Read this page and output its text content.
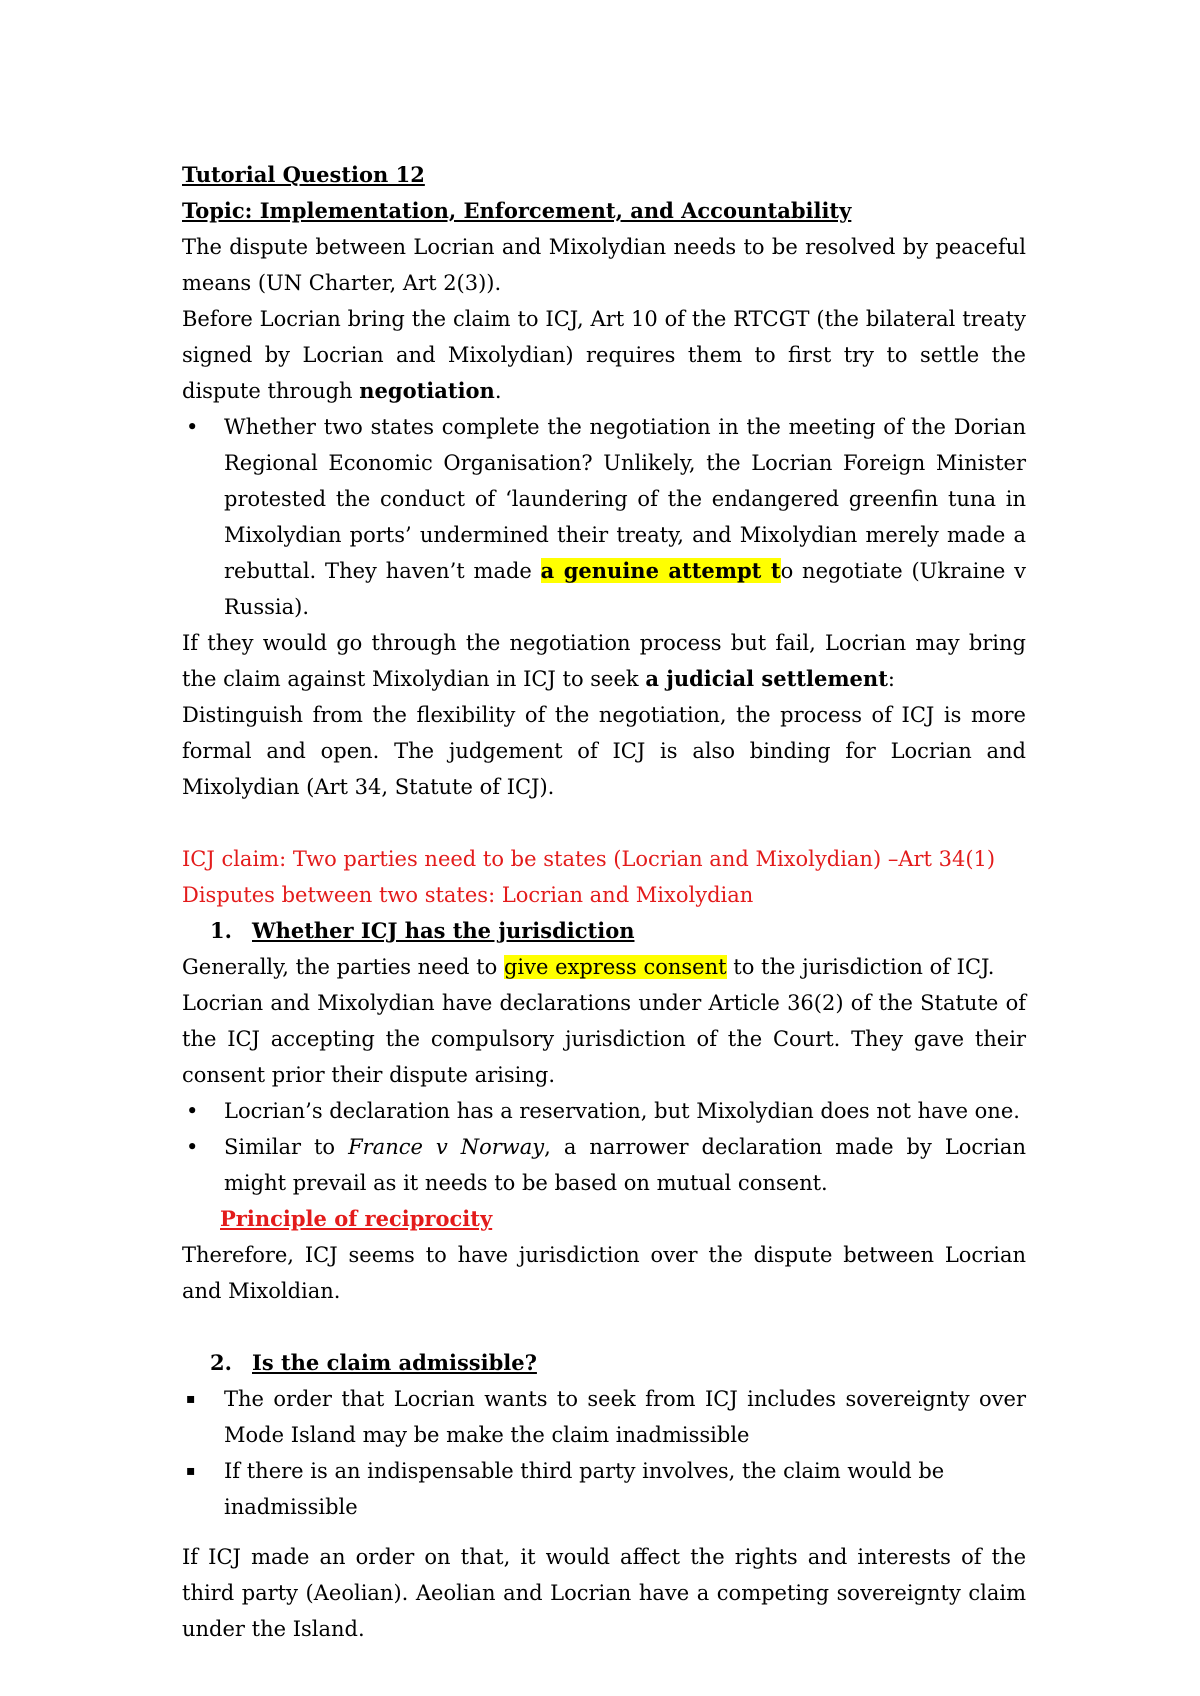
Tutorial Question 12

Topic: Implementation, Enforcement, and Accountability

The dispute between Locrian and Mixolydian needs to be resolved by peaceful means (UN Charter, Art 2(3)).

Before Locrian bring the claim to ICJ, Art 10 of the RTCGT (the bilateral treaty signed by Locrian and Mixolydian) requires them to first try to settle the dispute through negotiation.

• Whether two states complete the negotiation in the meeting of the Dorian Regional Economic Organisation? Unlikely, the Locrian Foreign Minister protested the conduct of ‘laundering of the endangered greenfin tuna in Mixolydian ports’ undermined their treaty, and Mixolydian merely made a rebuttal. They haven’t made a genuine attempt to negotiate (Ukraine v Russia).

If they would go through the negotiation process but fail, Locrian may bring the claim against Mixolydian in ICJ to seek a judicial settlement:

Distinguish from the flexibility of the negotiation, the process of ICJ is more formal and open. The judgement of ICJ is also binding for Locrian and Mixolydian (Art 34, Statute of ICJ).

ICJ claim: Two parties need to be states (Locrian and Mixolydian) –Art 34(1)

Disputes between two states: Locrian and Mixolydian

1. Whether ICJ has the jurisdiction

Generally, the parties need to give express consent to the jurisdiction of ICJ.

Locrian and Mixolydian have declarations under Article 36(2) of the Statute of the ICJ accepting the compulsory jurisdiction of the Court. They gave their consent prior their dispute arising.

• Locrian’s declaration has a reservation, but Mixolydian does not have one.
• Similar to France v Norway, a narrower declaration made by Locrian might prevail as it needs to be based on mutual consent.

Principle of reciprocity

Therefore, ICJ seems to have jurisdiction over the dispute between Locrian and Mixoldian.

2. Is the claim admissible?

▪ The order that Locrian wants to seek from ICJ includes sovereignty over Mode Island may be make the claim inadmissible
▪ If there is an indispensable third party involves, the claim would be inadmissible

If ICJ made an order on that, it would affect the rights and interests of the third party (Aeolian). Aeolian and Locrian have a competing sovereignty claim under the Island.
